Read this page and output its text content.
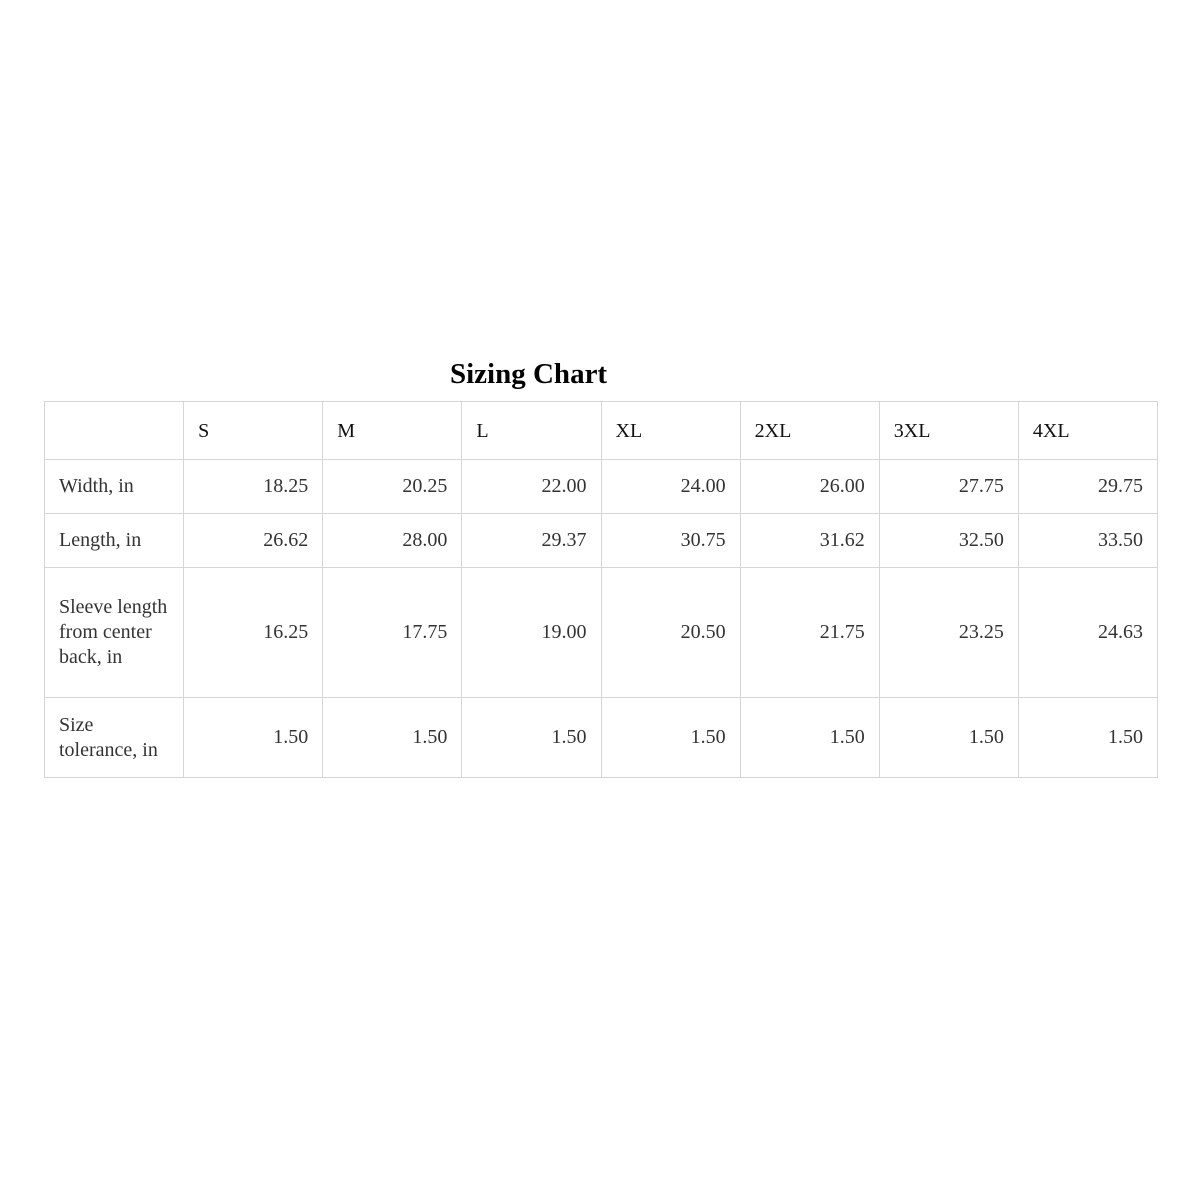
Sizing Chart
	S	M	L	XL	2XL	3XL	4XL
Width, in	18.25	20.25	22.00	24.00	26.00	27.75	29.75
Length, in	26.62	28.00	29.37	30.75	31.62	32.50	33.50
Sleeve length from center back, in	16.25	17.75	19.00	20.50	21.75	23.25	24.63
Size tolerance, in	1.50	1.50	1.50	1.50	1.50	1.50	1.50
